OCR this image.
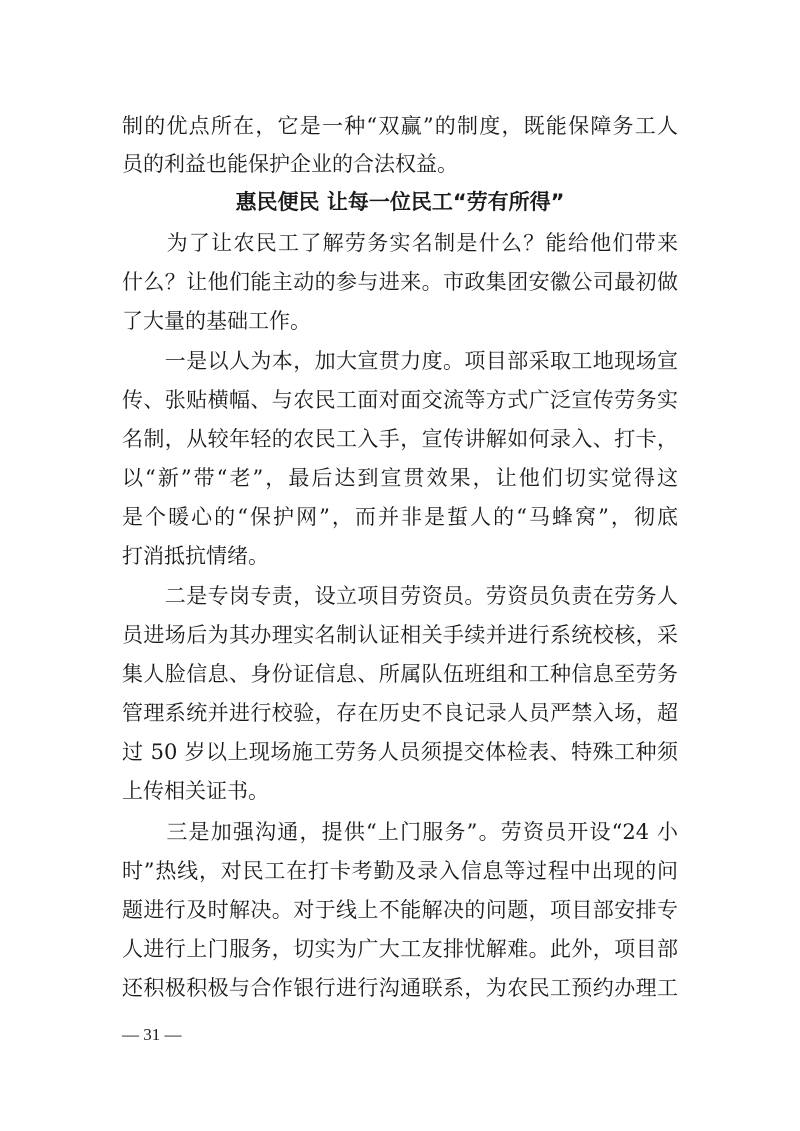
制的优点所在，它是一种“双赢”的制度，既能保障务工人
员的利益也能保护企业的合法权益。
惠民便民 让每一位民工“劳有所得”
　　为了让农民工了解劳务实名制是什么？能给他们带来
什么？让他们能主动的参与进来。市政集团安徽公司最初做
了大量的基础工作。
　　一是以人为本，加大宣贯力度。项目部采取工地现场宣
传、张贴横幅、与农民工面对面交流等方式广泛宣传劳务实
名制，从较年轻的农民工入手，宣传讲解如何录入、打卡，
以“新”带“老”，最后达到宣贯效果，让他们切实觉得这
是个暖心的“保护网”，而并非是蜇人的“马蜂窝”，彻底
打消抵抗情绪。
　　二是专岗专责，设立项目劳资员。劳资员负责在劳务人
员进场后为其办理实名制认证相关手续并进行系统校核，采
集人脸信息、身份证信息、所属队伍班组和工种信息至劳务
管理系统并进行校验，存在历史不良记录人员严禁入场，超
过 50 岁以上现场施工劳务人员须提交体检表、特殊工种须
上传相关证书。
　　三是加强沟通，提供“上门服务”。劳资员开设“24 小
时”热线，对民工在打卡考勤及录入信息等过程中出现的问
题进行及时解决。对于线上不能解决的问题，项目部安排专
人进行上门服务，切实为广大工友排忧解难。此外，项目部
还积极积极与合作银行进行沟通联系，为农民工预约办理工
— 31 —
